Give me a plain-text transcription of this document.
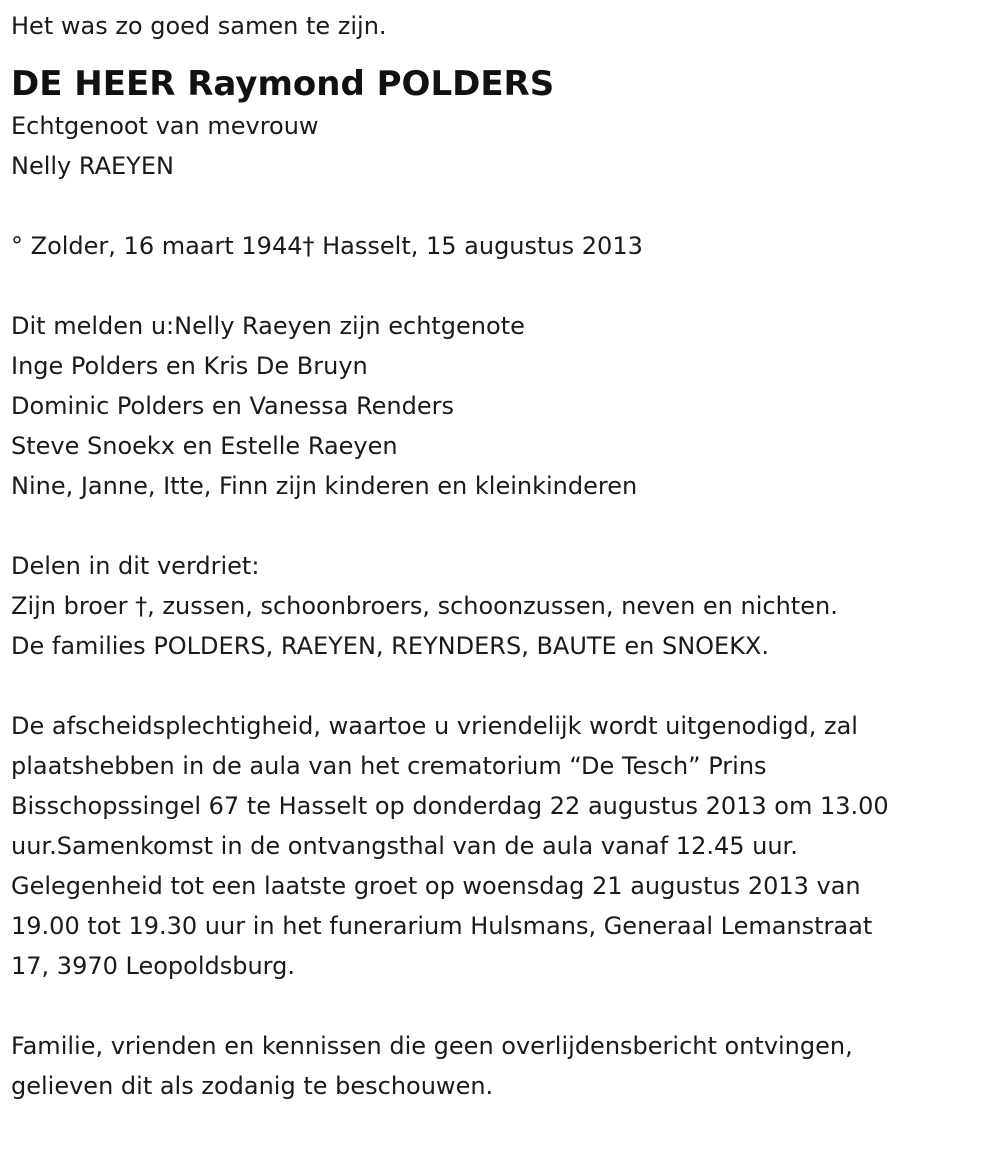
Het was zo goed samen te zijn.

DE HEER Raymond POLDERS

Echtgenoot van mevrouw

Nelly RAEYEN

° Zolder, 16 maart 1944† Hasselt, 15 augustus 2013

Dit melden u:Nelly Raeyen zijn echtgenote

Inge Polders en Kris De Bruyn

Dominic Polders en Vanessa Renders

Steve Snoekx en Estelle Raeyen

Nine, Janne, Itte, Finn zijn kinderen en kleinkinderen

Delen in dit verdriet:

Zijn broer †, zussen, schoonbroers, schoonzussen, neven en nichten.

De families POLDERS, RAEYEN, REYNDERS, BAUTE en SNOEKX.

De afscheidsplechtigheid, waartoe u vriendelijk wordt uitgenodigd, zal

plaatshebben in de aula van het crematorium “De Tesch” Prins

Bisschopssingel 67 te Hasselt op donderdag 22 augustus 2013 om 13.00

uur.Samenkomst in de ontvangsthal van de aula vanaf 12.45 uur.

Gelegenheid tot een laatste groet op woensdag 21 augustus 2013 van

19.00 tot 19.30 uur in het funerarium Hulsmans, Generaal Lemanstraat

17, 3970 Leopoldsburg.

Familie, vrienden en kennissen die geen overlijdensbericht ontvingen,

gelieven dit als zodanig te beschouwen.
